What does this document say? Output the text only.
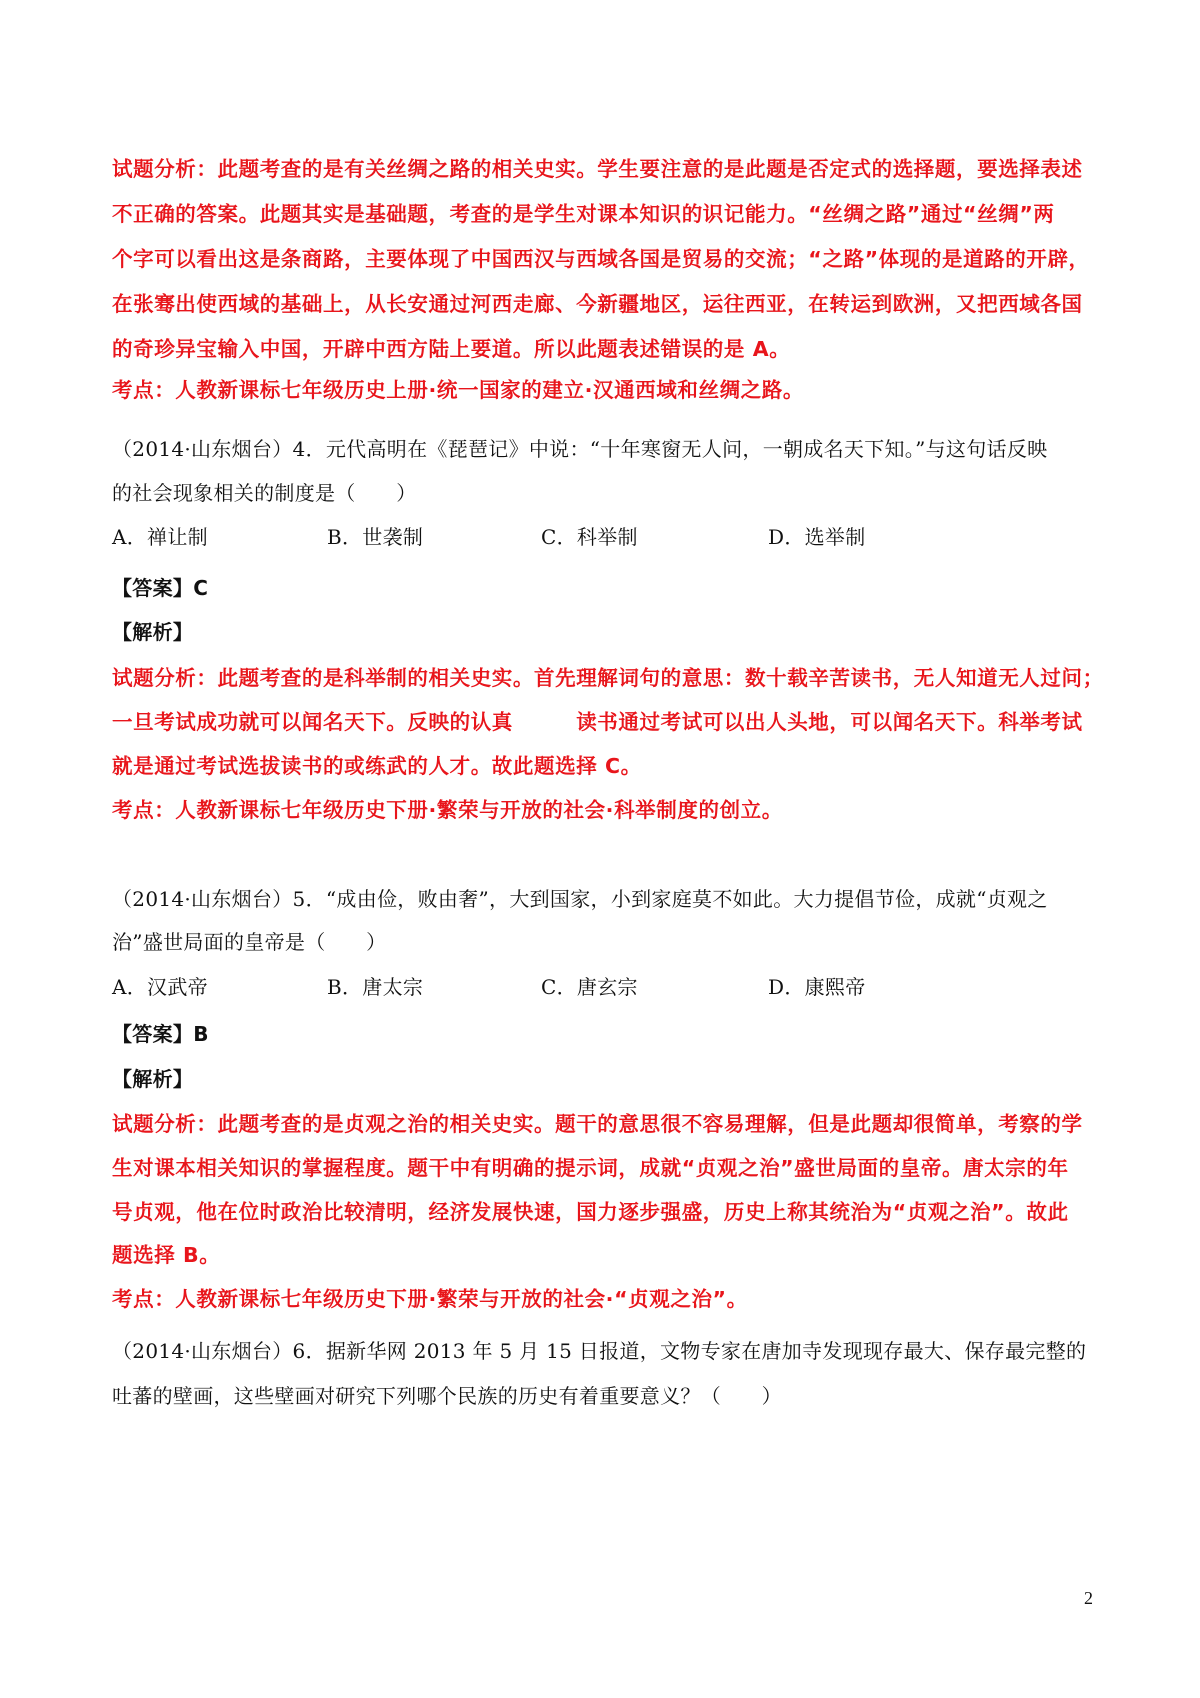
试题分析：此题考查的是有关丝绸之路的相关史实。学生要注意的是此题是否定式的选择题，要选择表述
不正确的答案。此题其实是基础题，考查的是学生对课本知识的识记能力。“丝绸之路”通过“丝绸”两
个字可以看出这是条商路，主要体现了中国西汉与西域各国是贸易的交流；“之路”体现的是道路的开辟，
在张骞出使西域的基础上，从长安通过河西走廊、今新疆地区，运往西亚，在转运到欧洲，又把西域各国
的奇珍异宝输入中国，开辟中西方陆上要道。所以此题表述错误的是 A。
考点：人教新课标七年级历史上册·统一国家的建立·汉通西域和丝绸之路。
（2014·山东烟台）4．元代高明在《琵琶记》中说：“十年寒窗无人问，一朝成名天下知。”与这句话反映
的社会现象相关的制度是（　　）
A．禅让制	B．世袭制	C．科举制	D．选举制
【答案】C
【解析】
试题分析：此题考查的是科举制的相关史实。首先理解词句的意思：数十载辛苦读书，无人知道无人过问；
一旦考试成功就可以闻名天下。反映的认真　　　读书通过考试可以出人头地，可以闻名天下。科举考试
就是通过考试选拔读书的或练武的人才。故此题选择 C。
考点：人教新课标七年级历史下册·繁荣与开放的社会·科举制度的创立。
（2014·山东烟台）5．“成由俭，败由奢”，大到国家，小到家庭莫不如此。大力提倡节俭，成就“贞观之
治”盛世局面的皇帝是（　　）
A．汉武帝	B．唐太宗	C．唐玄宗	D．康熙帝
【答案】B
【解析】
试题分析：此题考查的是贞观之治的相关史实。题干的意思很不容易理解，但是此题却很简单，考察的学
生对课本相关知识的掌握程度。题干中有明确的提示词，成就“贞观之治”盛世局面的皇帝。唐太宗的年
号贞观，他在位时政治比较清明，经济发展快速，国力逐步强盛，历史上称其统治为“贞观之治”。故此
题选择 B。
考点：人教新课标七年级历史下册·繁荣与开放的社会·“贞观之治”。
（2014·山东烟台）6．据新华网 2013 年 5 月 15 日报道，文物专家在唐加寺发现现存最大、保存最完整的
吐蕃的壁画，这些壁画对研究下列哪个民族的历史有着重要意义？（　　）
2
